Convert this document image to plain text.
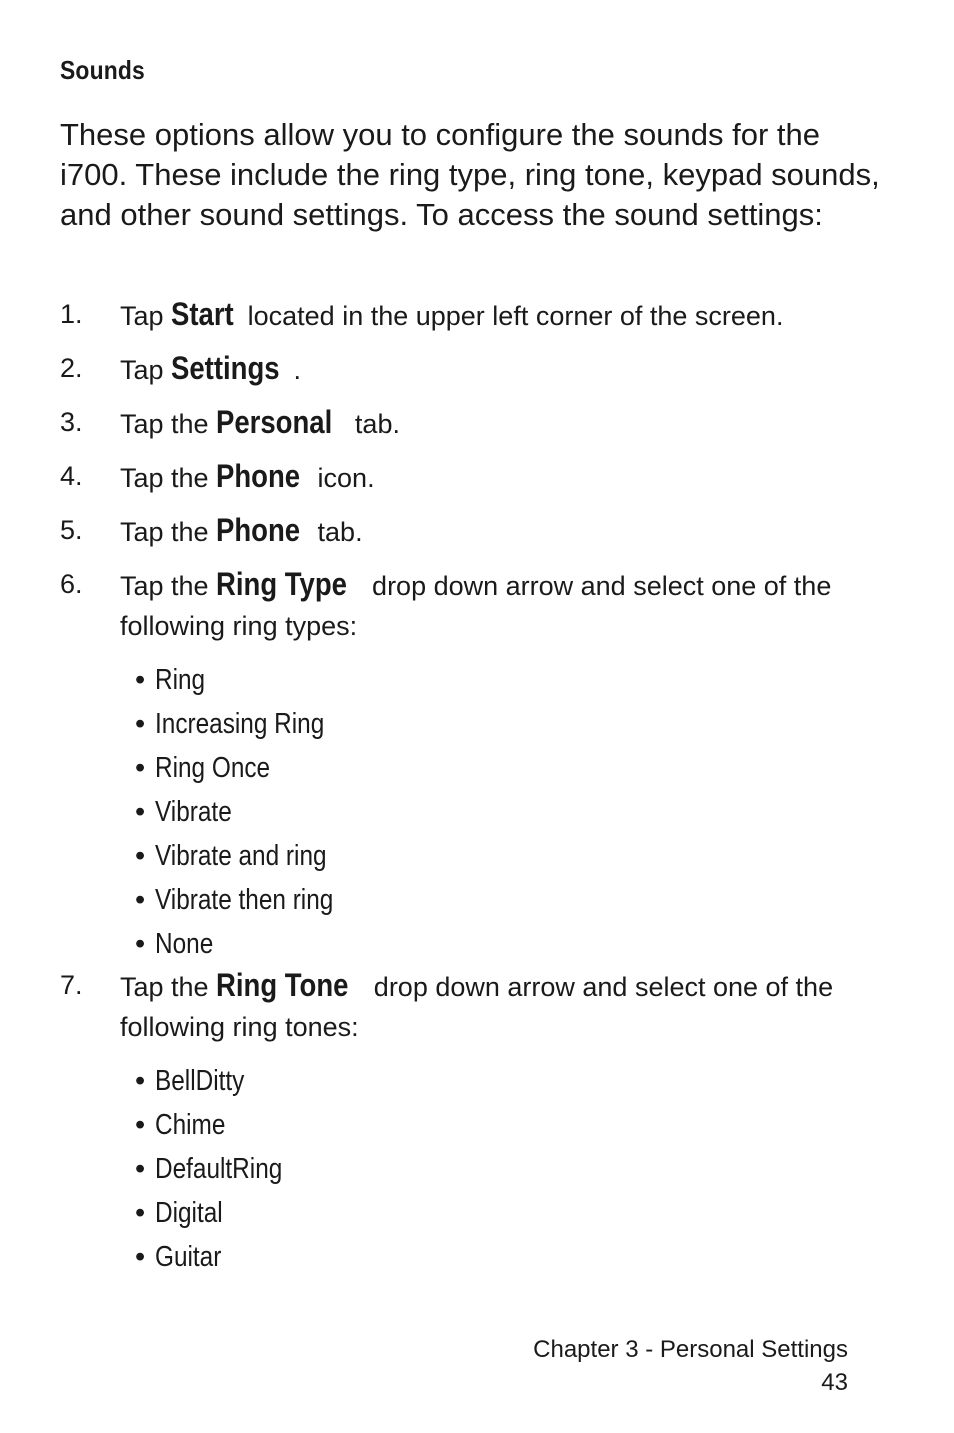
Sounds

These options allow you to configure the sounds for the i700. These include the ring type, ring tone, keypad sounds, and other sound settings. To access the sound settings:

1. Tap Start located in the upper left corner of the screen.
2. Tap Settings .
3. Tap the Personal tab.
4. Tap the Phone icon.
5. Tap the Phone tab.
6. Tap the Ring Type drop down arrow and select one of the following ring types:
• Ring
• Increasing Ring
• Ring Once
• Vibrate
• Vibrate and ring
• Vibrate then ring
• None
7. Tap the Ring Tone drop down arrow and select one of the following ring tones:
• BellDitty
• Chime
• DefaultRing
• Digital
• Guitar
Chapter 3 - Personal Settings
43
